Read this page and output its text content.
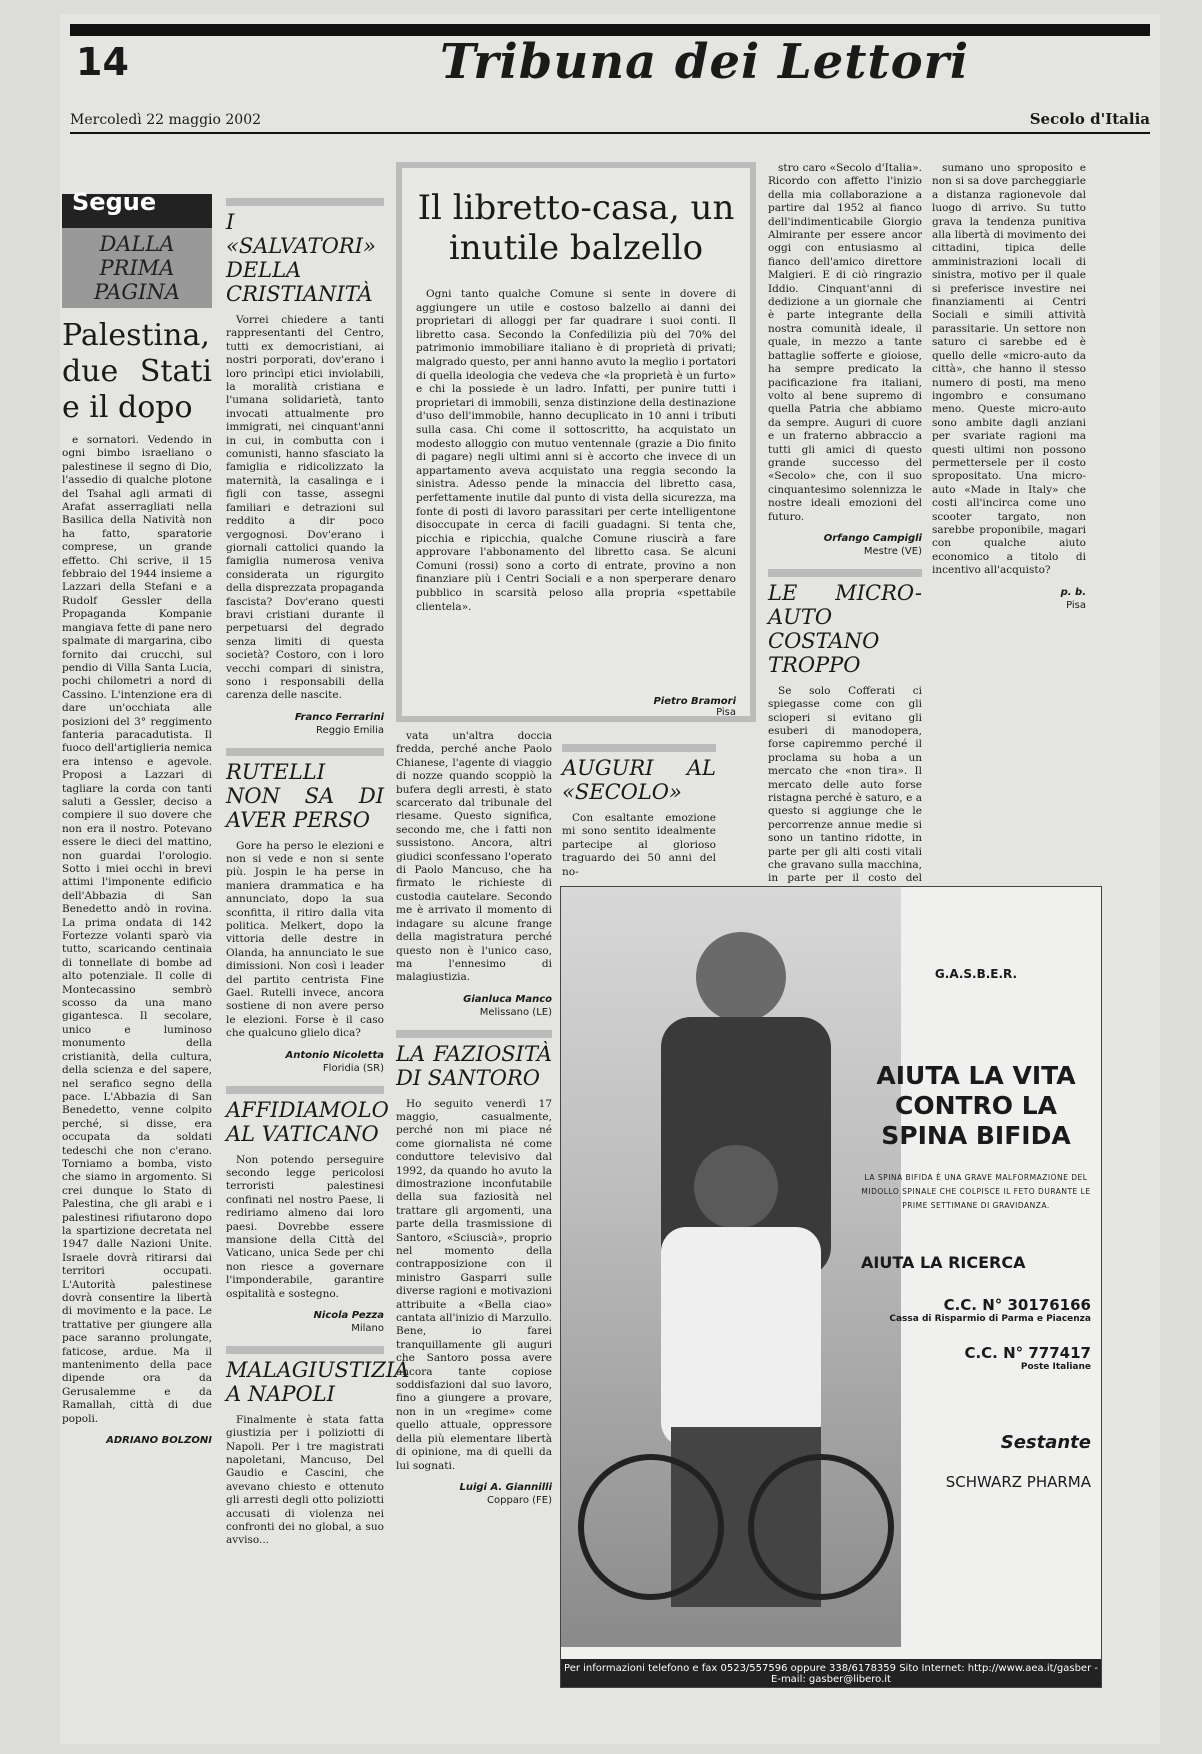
14	Tribuna dei Lettori
Mercoledì 22 maggio 2002	Secolo d'Italia
Segue
DALLA PRIMA PAGINA
Palestina, due Stati e il dopo

e sornatori. Vedendo in ogni bimbo israeliano o palestinese il segno di Dio, l'assedio di qualche plotone del Tsahal agli armati di Arafat asserragliati nella Basilica della Natività non ha fatto, sparatorie comprese, un grande effetto. Chi scrive, il 15 febbraio del 1944 insieme a Lazzari della Stefani e a Rudolf Gessler della Propaganda Kompanie mangiava fette di pane nero spalmate di margarina, cibo fornito dai crucchi, sul pendio di Villa Santa Lucia, pochi chilometri a nord di Cassino. L'intenzione era di dare un'occhiata alle posizioni del 3° reggimento fanteria paracadutista. Il fuoco dell'artiglieria nemica era intenso e agevole. Proposi a Lazzari di tagliare la corda con tanti saluti a Gessler, deciso a compiere il suo dovere che non era il nostro. Potevano essere le dieci del mattino, non guardai l'orologio. Sotto i miei occhi in brevi attimi l'imponente edificio dell'Abbazia di San Benedetto andò in rovina. La prima ondata di 142 Fortezze volanti sparò via tutto, scaricando centinaia di tonnellate di bombe ad alto potenziale. Il colle di Montecassino sembrò scosso da una mano gigantesca. Il secolare, unico e luminoso monumento della cristianità, della cultura, della scienza e del sapere, nel serafico segno della pace. L'Abbazia di San Benedetto, venne colpito perché, si disse, era occupata da soldati tedeschi che non c'erano. Torniamo a bomba, visto che siamo in argomento. Si crei dunque lo Stato di Palestina, che gli arabi e i palestinesi rifiutarono dopo la spartizione decretata nel 1947 dalle Nazioni Unite. Israele dovrà ritirarsi dai territori occupati. L'Autorità palestinese dovrà consentire la libertà di movimento e la pace. Le trattative per giungere alla pace saranno prolungate, faticose, ardue. Ma il mantenimento della pace dipende ora da Gerusalemme e da Ramallah, città di due popoli.

ADRIANO BOLZONI
I «SALVATORI» DELLA CRISTIANITÀ

Vorrei chiedere a tanti rappresentanti del Centro, tutti ex democristiani, ai nostri porporati, dov'erano i loro princìpi etici inviolabili, la moralità cristiana e l'umana solidarietà, tanto invocati attualmente pro immigrati, nei cinquant'anni in cui, in combutta con i comunisti, hanno sfasciato la famiglia e ridicolizzato la maternità, la casalinga e i figli con tasse, assegni familiari e detrazioni sul reddito a dir poco vergognosi. Dov'erano i giornali cattolici quando la famiglia numerosa veniva considerata un rigurgito della disprezzata propaganda fascista? Dov'erano questi bravi cristiani durante il perpetuarsi del degrado senza limiti di questa società? Costoro, con i loro vecchi compari di sinistra, sono i responsabili della carenza delle nascite.

Franco Ferrarini
Reggio Emilia
RUTELLI NON SA DI AVER PERSO

Gore ha perso le elezioni e non si vede e non si sente più. Jospin le ha perse in maniera drammatica e ha annunciato, dopo la sua sconfitta, il ritiro dalla vita politica. Melkert, dopo la vittoria delle destre in Olanda, ha annunciato le sue dimissioni. Non così i leader del partito centrista Fine Gael. Rutelli invece, ancora sostiene di non avere perso le elezioni. Forse è il caso che qualcuno glielo dica?

Antonio Nicoletta
Floridia (SR)
AFFIDIAMOLO AL VATICANO

Non potendo perseguire secondo legge pericolosi terroristi palestinesi confinati nel nostro Paese, li rediriamo almeno dai loro paesi. Dovrebbe essere mansione della Città del Vaticano, unica Sede per chi non riesce a governare l'imponderabile, garantire ospitalità e sostegno.

Nicola Pezza
Milano
MALAGIUSTIZIA A NAPOLI

Finalmente è stata fatta giustizia per i poliziotti di Napoli. Per i tre magistrati napoletani, Mancuso, Del Gaudio e Cascini, che avevano chiesto e ottenuto gli arresti degli otto poliziotti accusati di violenza nei confronti dei no global, a suo avviso...

Il libretto-casa, un inutile balzello

Ogni tanto qualche Comune si sente in dovere di aggiungere un utile e costoso balzello ai danni dei proprietari di alloggi per far quadrare i suoi conti. Il libretto casa. Secondo la Confedilizia più del 70% del patrimonio immobiliare italiano è di proprietà di privati; malgrado questo, per anni hanno avuto la meglio i portatori di quella ideologia che vedeva che «la proprietà è un furto» e chi la possiede è un ladro. Infatti, per punire tutti i proprietari di immobili, senza distinzione della destinazione d'uso dell'immobile, hanno decuplicato in 10 anni i tributi sulla casa. Chi come il sottoscritto, ha acquistato un modesto alloggio con mutuo ventennale (grazie a Dio finito di pagare) negli ultimi anni si è accorto che invece di un appartamento aveva acquistato una reggia secondo la sinistra. Adesso pende la minaccia del libretto casa, perfettamente inutile dal punto di vista della sicurezza, ma fonte di posti di lavoro parassitari per certe intelligentone disoccupate in cerca di facili guadagni. Si tenta che, picchia e ripicchia, qualche Comune riuscirà a fare approvare l'abbonamento del libretto casa. Se alcuni Comuni (rossi) sono a corto di entrate, provino a non finanziare più i Centri Sociali e a non sperperare denaro pubblico in scarsità peloso alla propria «spettabile clientela».

Pietro Bramori
Pisa

vata un'altra doccia fredda, perché anche Paolo Chianese, l'agente di viaggio di nozze quando scoppiò la bufera degli arresti, è stato scarcerato dal tribunale del riesame. Questo significa, secondo me, che i fatti non sussistono. Ancora, altri giudici sconfessano l'operato di Paolo Mancuso, che ha firmato le richieste di custodia cautelare. Secondo me è arrivato il momento di indagare su alcune frange della magistratura perché questo non è l'unico caso, ma l'ennesimo di malagiustizia.

Gianluca Manco
Melissano (LE)
LA FAZIOSITÀ DI SANTORO

Ho seguito venerdì 17 maggio, casualmente, perché non mi piace né come giornalista né come conduttore televisivo dal 1992, da quando ho avuto la dimostrazione inconfutabile della sua faziosità nel trattare gli argomenti, una parte della trasmissione di Santoro, «Sciuscià», proprio nel momento della contrapposizione con il ministro Gasparri sulle diverse ragioni e motivazioni attribuite a «Bella ciao» cantata all'inizio di Marzullo. Bene, io farei tranquillamente gli auguri che Santoro possa avere ancora tante copiose soddisfazioni dal suo lavoro, fino a giungere a provare, non in un «regime» come quello attuale, oppressore della più elementare libertà di opinione, ma di quelli da lui sognati.

Luigi A. Giannilli
Copparo (FE)
AUGURI AL «SECOLO»

Con esaltante emozione mi sono sentito idealmente partecipe al glorioso traguardo dei 50 anni del no-

stro caro «Secolo d'Italia». Ricordo con affetto l'inizio della mia collaborazione a partire dal 1952 al fianco dell'indimenticabile Giorgio Almirante per essere ancor oggi con entusiasmo al fianco dell'amico direttore Malgieri. E di ciò ringrazio Iddio. Cinquant'anni di dedizione a un giornale che è parte integrante della nostra comunità ideale, il quale, in mezzo a tante battaglie sofferte e gioiose, ha sempre predicato la pacificazione fra italiani, volto al bene supremo di quella Patria che abbiamo da sempre. Auguri di cuore e un fraterno abbraccio a tutti gli amici di questo grande successo del «Secolo» che, con il suo cinquantesimo solennizza le nostre ideali emozioni del futuro.

Orfango Campigli
Mestre (VE)
LE MICRO-AUTO COSTANO TROPPO

Se solo Cofferati ci spiegasse come con gli scioperi si evitano gli esuberi di manodopera, forse capiremmo perché il proclama su hoba a un mercato che «non tira». Il mercato delle auto forse ristagna perché è saturo, e a questo si aggiunge che le percorrenze annue medie si sono un tantino ridotte, in parte per gli alti costi vitali che gravano sulla macchina, in parte per il costo del

sumano uno sproposito e non si sa dove parcheggiarle a distanza ragionevole dal luogo di arrivo. Su tutto grava la tendenza punitiva alla libertà di movimento dei cittadini, tipica delle amministrazioni locali di sinistra, motivo per il quale si preferisce investire nei finanziamenti ai Centri Sociali e simili attività parassitarie. Un settore non saturo ci sarebbe ed è quello delle «micro-auto da città», che hanno il stesso numero di posti, ma meno ingombro e consumano meno. Queste micro-auto sono ambite dagli anziani per svariate ragioni ma questi ultimi non possono permettersele per il costo spropositato. Una micro-auto «Made in Italy» che costi all'incirca come uno scooter targato, non sarebbe proponibile, magari con qualche aiuto economico a titolo di incentivo all'acquisto?

p. b.
Pisa
G.A.S.B.E.R.
AIUTA LA VITA CONTRO LA SPINA BIFIDA
LA SPINA BIFIDA È UNA GRAVE MALFORMAZIONE DEL MIDOLLO SPINALE CHE COLPISCE IL FETO DURANTE LE PRIME SETTIMANE DI GRAVIDANZA.
AIUTA LA RICERCA
C.C. N° 30176166
Cassa di Risparmio di Parma e Piacenza
C.C. N° 777417
Poste Italiane
Sestante
SCHWARZ PHARMA
Per informazioni telefono e fax 0523/557596 oppure 338/6178359 Sito Internet: http://www.aea.it/gasber - E-mail: gasber@libero.it
